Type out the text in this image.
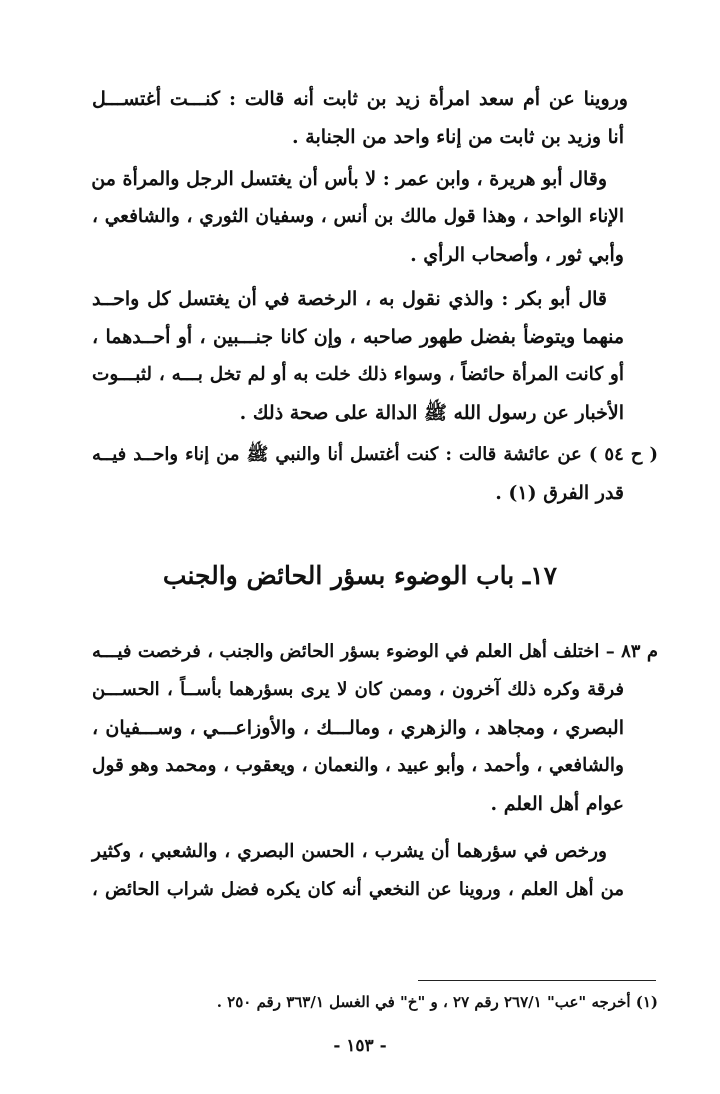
وروينا عن أم سعد امرأة زيد بن ثابت أنه قالت : كنـــت أغتســـل
أنا وزيد بن ثابت من إناء واحد من الجنابة .
وقال أبو هريرة ، وابن عمر : لا بأس أن يغتسل الرجل والمرأة من
الإناء الواحد ، وهذا قول مالك بن أنس ، وسفيان الثوري ، والشافعي ،
وأبي ثور ، وأصحاب الرأي .
قال أبو بكر : والذي نقول به ، الرخصة في أن يغتسل كل واحــد
منهما ويتوضأ بفضل طهور صاحبه ، وإن كانا جنـــبين ، أو أحــدهما ،
أو كانت المرأة حائضاً ، وسواء ذلك خلت به أو لم تخل بـــه ، لثبـــوت
الأخبار عن رسول الله ﷺ الدالة على صحة ذلك .
( ح ٥٤ ) عن عائشة قالت : كنت أغتسل أنا والنبي ﷺ من إناء واحــد فيــه
قدر الفرق (١) .
١٧ـ باب الوضوء بسؤر الحائض والجنب
م ٨٣ – اختلف أهل العلم في الوضوء بسؤر الحائض والجنب ، فرخصت فيـــه
فرقة وكره ذلك آخرون ، وممن كان لا يرى بسؤرهما بأســاً ، الحســـن
البصري ، ومجاهد ، والزهري ، ومالـــك ، والأوزاعـــي ، وســـفيان ،
والشافعي ، وأحمد ، وأبو عبيد ، والنعمان ، ويعقوب ، ومحمد وهو قول
عوام أهل العلم .
ورخص في سؤرهما أن يشرب ، الحسن البصري ، والشعبي ، وكثير
من أهل العلم ، وروينا عن النخعي أنه كان يكره فضل شراب الحائض ،
(١) أخرجه "عب" ٢٦٧/١ رقم ٢٧ ، و "خ" في الغسل ٣٦٣/١ رقم ٢٥٠ .
- ١٥٣ -
